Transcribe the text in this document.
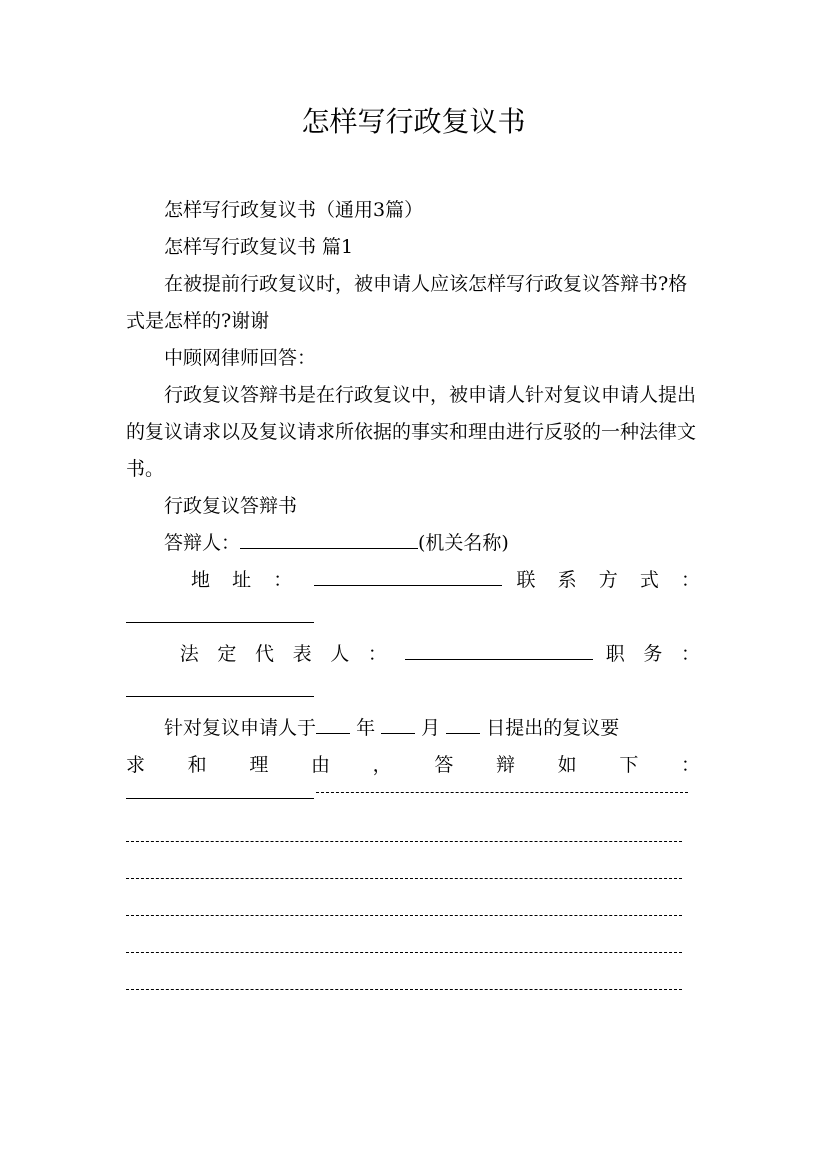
怎样写行政复议书

怎样写行政复议书（通用3篇）

怎样写行政复议书 篇1

在被提前行政复议时，被申请人应该怎样写行政复议答辩书?格式是怎样的?谢谢

中顾网律师回答：

行政复议答辩书是在行政复议中，被申请人针对复议申请人提出的复议请求以及复议请求所依据的事实和理由进行反驳的一种法律文书。

行政复议答辩书

答辩人：	(机关名称)

 地 址 ：	联 系 方 式 ：

 法 定 代 表 人 ：	职 务 ：

针对复议申请人于 年 月 日提出的复议要

求 和 理 由 ， 答 辩 如 下 ：
